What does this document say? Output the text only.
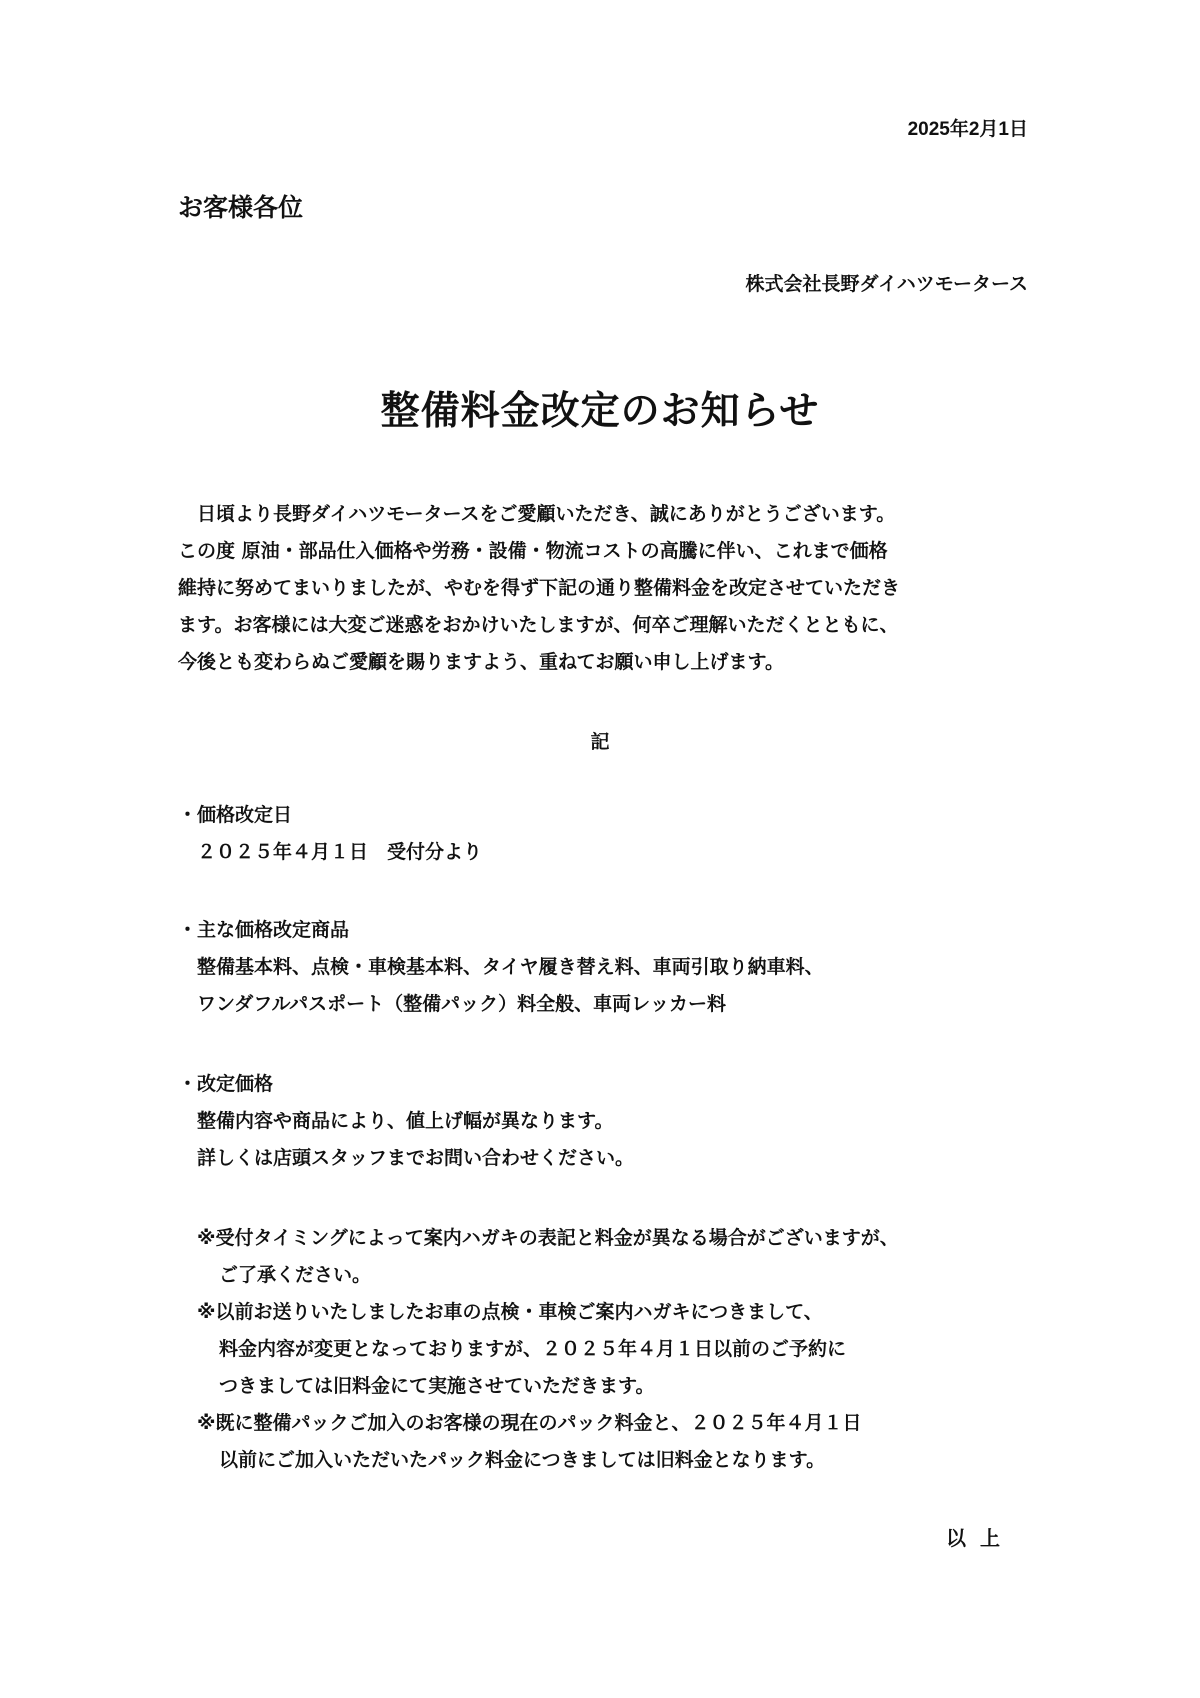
2025年2月1日
お客様各位
株式会社長野ダイハツモータース
整備料金改定のお知らせ
日頃より長野ダイハツモータースをご愛顧いただき、誠にありがとうございます。
この度 原油・部品仕入価格や労務・設備・物流コストの高騰に伴い、これまで価格
維持に努めてまいりましたが、やむを得ず下記の通り整備料金を改定させていただき
ます。お客様には大変ご迷惑をおかけいたしますが、何卒ご理解いただくとともに、
今後とも変わらぬご愛顧を賜りますよう、重ねてお願い申し上げます。
記
・価格改定日
２０２５年４月１日　受付分より
・主な価格改定商品
整備基本料、点検・車検基本料、タイヤ履き替え料、車両引取り納車料、
ワンダフルパスポート（整備パック）料全般、車両レッカー料
・改定価格
整備内容や商品により、値上げ幅が異なります。
詳しくは店頭スタッフまでお問い合わせください。
※受付タイミングによって案内ハガキの表記と料金が異なる場合がございますが、
ご了承ください。
※以前お送りいたしましたお車の点検・車検ご案内ハガキにつきまして、
料金内容が変更となっておりますが、２０２５年４月１日以前のご予約に
つきましては旧料金にて実施させていただきます。
※既に整備パックご加入のお客様の現在のパック料金と、２０２５年４月１日
以前にご加入いただいたパック料金につきましては旧料金となります。
以上
